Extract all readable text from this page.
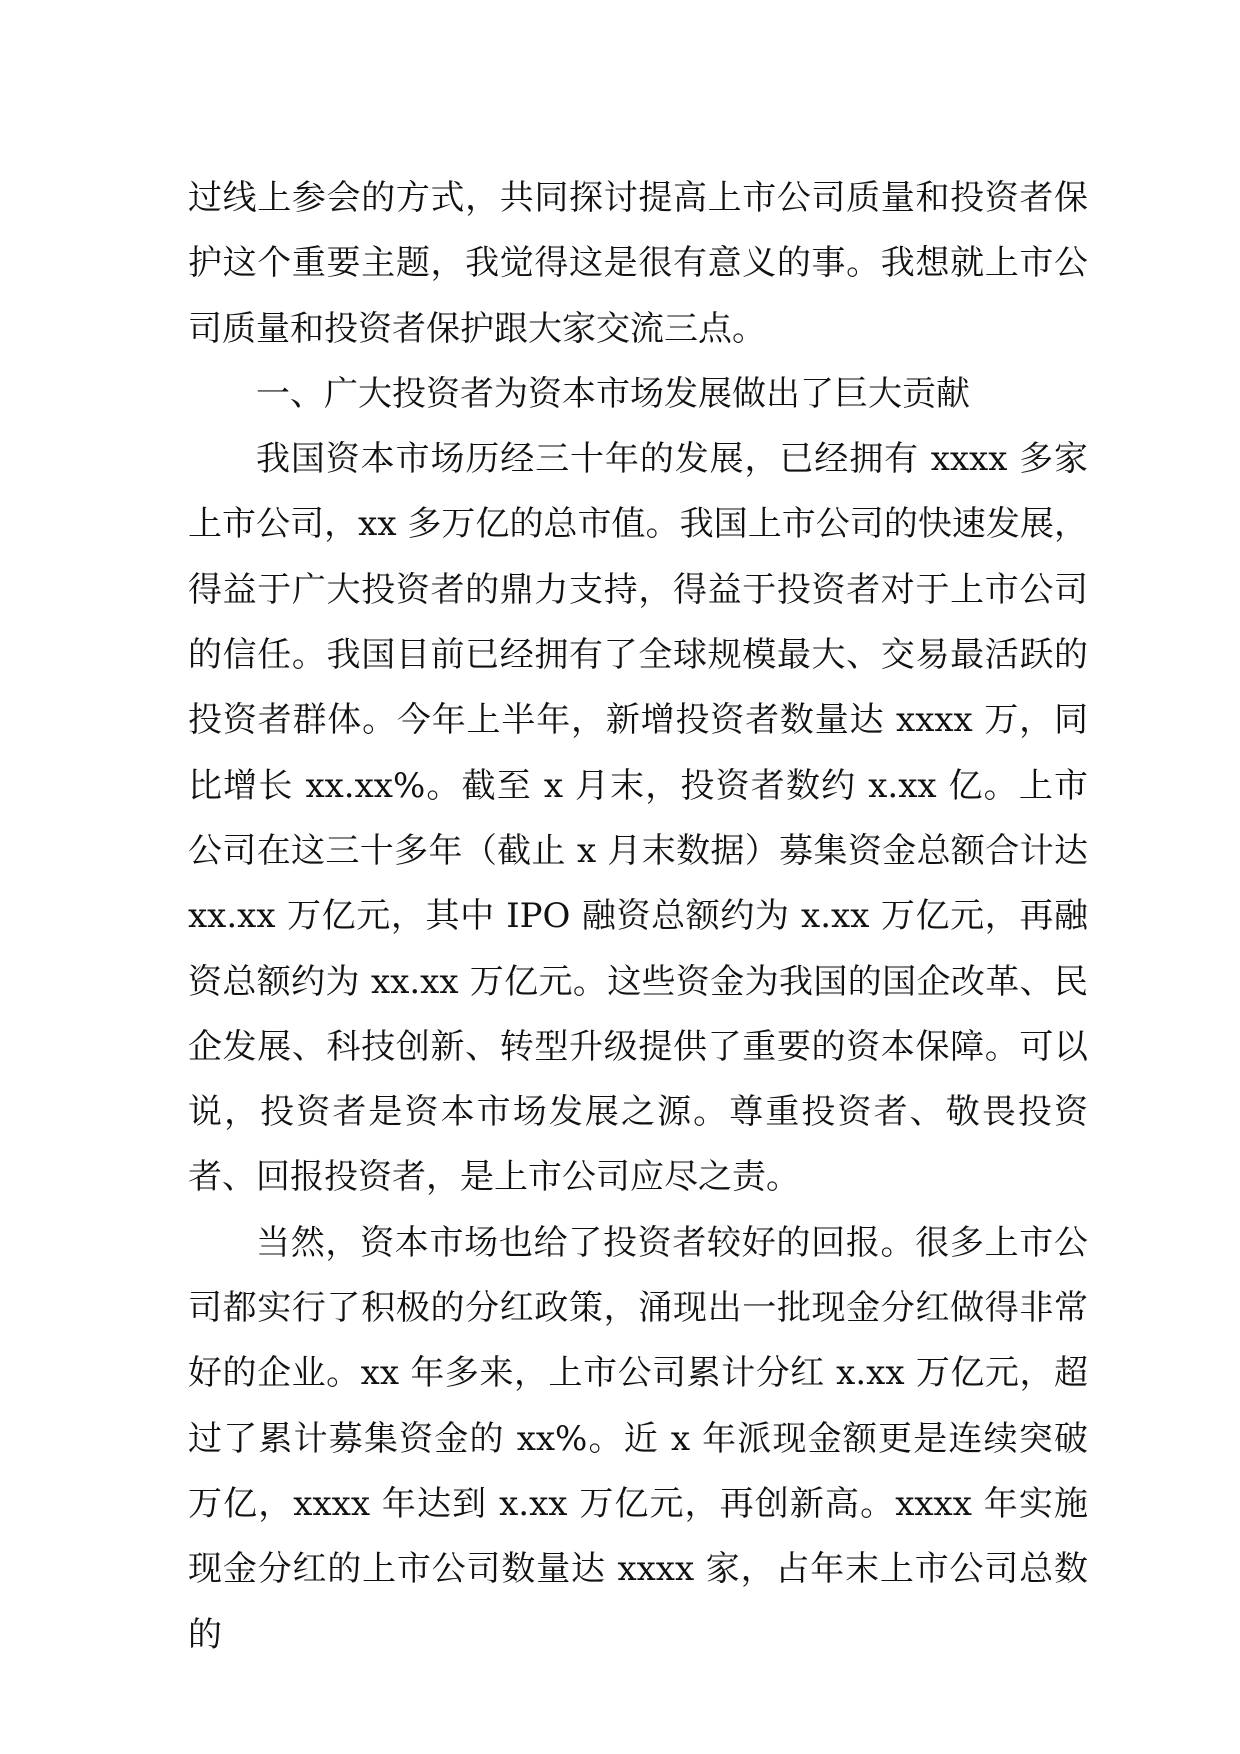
过线上参会的方式，共同探讨提高上市公司质量和投资者保护这个重要主题，我觉得这是很有意义的事。我想就上市公司质量和投资者保护跟大家交流三点。

一、广大投资者为资本市场发展做出了巨大贡献

我国资本市场历经三十年的发展，已经拥有 xxxx 多家上市公司，xx 多万亿的总市值。我国上市公司的快速发展，得益于广大投资者的鼎力支持，得益于投资者对于上市公司的信任。我国目前已经拥有了全球规模最大、交易最活跃的投资者群体。今年上半年，新增投资者数量达 xxxx 万，同比增长 xx.xx%。截至 x 月末，投资者数约 x.xx 亿。上市公司在这三十多年（截止 x 月末数据）募集资金总额合计达 xx.xx 万亿元，其中 IPO 融资总额约为 x.xx 万亿元，再融资总额约为 xx.xx 万亿元。这些资金为我国的国企改革、民企发展、科技创新、转型升级提供了重要的资本保障。可以说，投资者是资本市场发展之源。尊重投资者、敬畏投资者、回报投资者，是上市公司应尽之责。

当然，资本市场也给了投资者较好的回报。很多上市公司都实行了积极的分红政策，涌现出一批现金分红做得非常好的企业。xx 年多来，上市公司累计分红 x.xx 万亿元，超过了累计募集资金的 xx%。近 x 年派现金额更是连续突破万亿，xxxx 年达到 x.xx 万亿元，再创新高。xxxx 年实施现金分红的上市公司数量达 xxxx 家，占年末上市公司总数的
